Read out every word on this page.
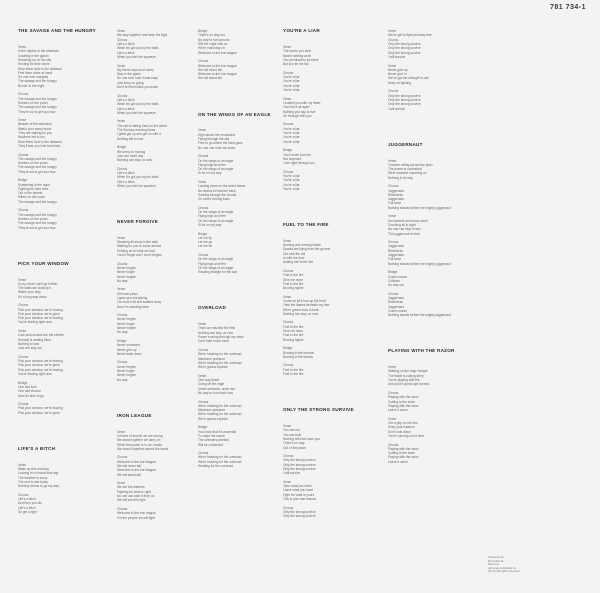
781 734-1

THE SAVAGE AND THE HUNGRY

Verse
In the depths of the shadows
Crawling in the gloom
Sneaking up on the city
Hunting for their doom
Hear them howl in the distance
Feel them close at hand
No one ever escapes
The savage and the hungry
Burnin' in the night

Chorus
The savage and the hungry
Hunters on the prowl
The savage and the hungry
They're out to get you now

Verse
Beware of the darkness
Watch your every move
They are waiting for you
Nowhere left to run
Hear them howl in the distance
They'll tear you limb from limb

Chorus
The savage and the hungry
Hunters on the prowl
The savage and the hungry
They're out to get you now

Bridge
Screaming in the night
Fighting for their lives
Out in the streets
Killers on the loose
The savage and the hungry

Chorus
The savage and the hungry
Hunters on the prowl
The savage and the hungry
They're out to get you now

PICK YOUR WINDOW

Verse
In my mind I can't go further
The walls are closing in
Watch your step
It's a long way down

Chorus
Pick your window, we're leaving
Pick your window, we're gone
Pick your window, we're leaving
You're leaving right now

Verse
Look around and see the streets
Nobody is waiting there
Nothing to lose
Just one way out

Chorus
Pick your window, we're leaving
Pick your window, we're gone
Pick your window, we're leaving
You're leaving right now

Bridge
One last look
One last chance
Now it's time to go

Chorus
Pick your window, we're leaving
Pick your window, we're gone

LIFE'S A BITCH

Verse
Wake up this morning
Looking for a brand new day
The weather is lousy
The rent is due today
Nothing seems to go my way

Chorus
Life's a bitch
And then you die
Life's a bitch
So get it right

Verse
We stay together and keep the fight
Chorus
Life's a bitch
When it's got you by the balls
Life's a bitch
When you feel the squeeze

Verse
My friend says don't worry
Stay in the game
No one ever said it was easy
Just keep on going
Don't let them take you down

Chorus
Life's a bitch
When it's got you by the balls
Life's a bitch
When you feel the squeeze

Verse
The rain is falling hard on the street
The Sunday morning blues
I gotta get up and get on with it
Nothing left to lose

Bridge
We keep on moving
Just one more day
Nothing can stop us now

Chorus
Life's a bitch
When it's got you by the balls
Life's a bitch
When you feel the squeeze

NEVER FORGIVE

Verse
Standing all alone in the dark
Waiting for you to come around
Holding on to what we had
I won't forget and I won't forgive

Chorus
Never forgive
Never forget
Never forgive
No way

Verse
All those years
I gave you everything
You took it all and walked away
Now I'm standing here

Chorus
Never forgive
Never forget
Never forgive
No way

Bridge
Never surrender
Never give up
Never back down

Chorus
Never forgive
Never forget
Never forgive
No way

IRON LEAGUE

Verse
In times of trouble we are strong
We stand together we carry on
When the power is in our hands
We march together across the lands

Chorus
Welcome to the iron league
We will never fall
Welcome to the iron league
We will stand tall

Verse
We are the warriors
Fighting for what is right
No one can take it from us
We will win this fight

Chorus
Welcome to the iron league
For the people we will fight

Bridge
There's no way out
No way to turn around
Still the night rolls on
We're marching on
Welcome to the iron league

Chorus
Welcome to the iron league
We will never fall
Welcome to the iron league
We will stand tall

ON THE WINGS OF AN EAGLE

Verse
High above the mountains
Flying through the sky
Free to go where the wind goes
No one can hold me down

Chorus
On the wings of an eagle
Flying high and free
On the wings of an eagle
I'll be on my way

Verse
Looking down on the world below
No chains to hold me back
Soaring through the clouds
I'm never coming back

Chorus
On the wings of an eagle
Flying high and free
On the wings of an eagle
I'll be on my way

Bridge
Let me fly
Let me go
Let me be

Chorus
On the wings of an eagle
Flying high and free
On the wings of an eagle
Heading straight for the sun

OVERLOAD

Verse
Think we reached the limit
Nothing can stop us now
Power running through my veins
Can't take much more

Chorus
We're heading for the overload
Maximum pressure
We're heading for the overload
We're gonna explode

Verse
One way ticket
Going off the edge
Under pressure, under fire
No way to turn back now

Chorus
We're heading for the overload
Maximum pressure
We're heading for the overload
We're gonna explode

Bridge
You know that it's essential
To make the scene
The ultimate potential
Will be unleashed

Chorus
We're heading for the overload
We're heading for the overload
Heading for the overload

YOU'RE A LIAR

Verse
The words you said
Meant nothing at all
You promised to be there
But you let me fall

Chorus
You're a liar
You're a liar
You're a liar
You're a liar

Verse
I trusted you with my heart
You tore it all apart
Nothing you say is true
I'm through with you

Chorus
You're a liar
You're a liar
You're a liar
You're a liar

Bridge
You'll never fool me
Not anymore
I see right through you

Chorus
You're a liar
You're a liar
You're a liar
You're a liar

FUEL TO THE FIRE

Verse
Burning and running inside
Sparks are flying from the ground
Out with the old
In with the new
Adding fuel to the fire

Chorus
Fuel to the fire
Give me more
Fuel to the fire
Burning higher

Verse
Come on let's turn up the heat
I feel the flames beneath my feet
We're gonna burn it down
Nothing can stop us now

Chorus
Fuel to the fire
Give me more
Fuel to the fire
Burning higher

Bridge
Burning in the furnace
Burning in the flames

Chorus
Fuel to the fire
Fuel to the fire

ONLY THE STRONG SURVIVE

Verse
You can run
You can hide
Nothing will ever save you
There's no way
Out of this place

Chorus
Only the strong survive
Only the strong survive
Only the strong survive
I will survive

Verse
Take what you need
Leave what you have
Fight for what is yours
This is your last chance

Chorus
Only the strong survive
Only the strong survive

Verse
We've got to fight and stay free
Chorus
Only the strong survive
Only the strong survive
Only the strong survive
I will survive

Verse
Never give up
Never give in
We've got the strength to win
Keep on fighting

Chorus
Only the strong survive
Only the strong survive
Only the strong survive
I will survive

JUGGERNAUT

Verse
Thunder rolling across the plain
The power is unleashed
Steel machine marching on
Nothing in its way

Chorus
Juggernaut
Relentless
Juggernaut
Full force
Nothing stands before the mighty juggernaut

Verse
Iron wheels and heavy steel
Crushing all in sight
No one can stop it now
The juggernaut is here

Chorus
Juggernaut
Relentless
Juggernaut
Full force
Nothing stands before the mighty juggernaut

Bridge
Crash course
Collision
No way out

Chorus
Juggernaut
Relentless
Juggernaut
Crash course
Nothing stands before the mighty juggernaut

PLAYING WITH THE RAZOR

Verse
Walking on the edge tonight
The blade is cutting deep
You're playing with fire
And you're gonna get burned

Chorus
Playing with the razor
Cutting to the bone
Playing with the razor
Leave it alone

Verse
Get a grip on the line
Keep your balance
Don't look down
You're running out of time

Chorus
Playing with the razor
Cutting to the bone
Playing with the razor
Leave it alone

Produced by
Recorded at
Mixed at
All songs published by
(P) (C) All rights reserved
